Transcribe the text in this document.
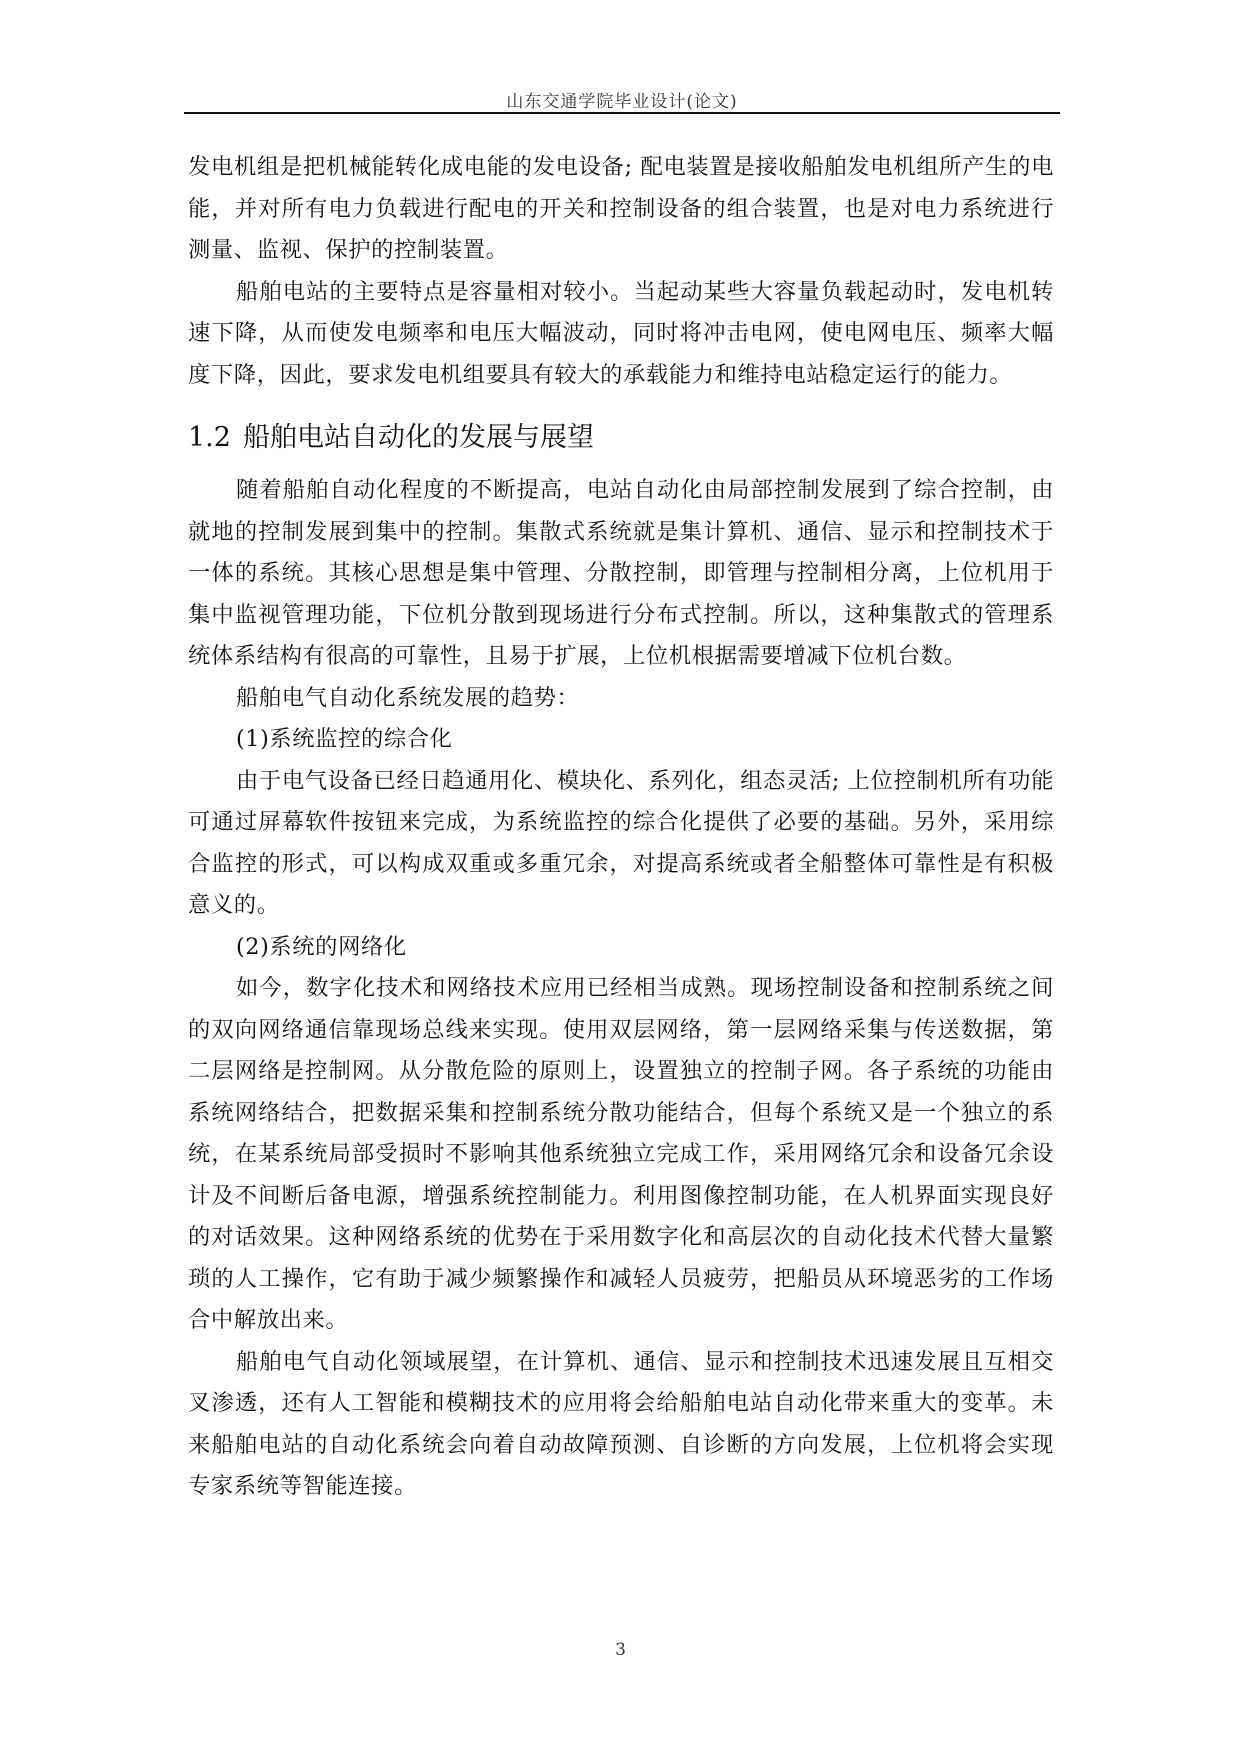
山东交通学院毕业设计(论文)

发电机组是把机械能转化成电能的发电设备; 配电装置是接收船舶发电机组所产生的电能，并对所有电力负载进行配电的开关和控制设备的组合装置，也是对电力系统进行测量、监视、保护的控制装置。

船舶电站的主要特点是容量相对较小。当起动某些大容量负载起动时，发电机转速下降，从而使发电频率和电压大幅波动，同时将冲击电网，使电网电压、频率大幅度下降，因此，要求发电机组要具有较大的承载能力和维持电站稳定运行的能力。

1.2 船舶电站自动化的发展与展望

随着船舶自动化程度的不断提高，电站自动化由局部控制发展到了综合控制，由就地的控制发展到集中的控制。集散式系统就是集计算机、通信、显示和控制技术于一体的系统。其核心思想是集中管理、分散控制，即管理与控制相分离，上位机用于集中监视管理功能，下位机分散到现场进行分布式控制。所以，这种集散式的管理系统体系结构有很高的可靠性，且易于扩展，上位机根据需要增减下位机台数。

船舶电气自动化系统发展的趋势：

(1)系统监控的综合化

由于电气设备已经日趋通用化、模块化、系列化，组态灵活; 上位控制机所有功能可通过屏幕软件按钮来完成，为系统监控的综合化提供了必要的基础。另外，采用综合监控的形式，可以构成双重或多重冗余，对提高系统或者全船整体可靠性是有积极意义的。

(2)系统的网络化

如今，数字化技术和网络技术应用已经相当成熟。现场控制设备和控制系统之间的双向网络通信靠现场总线来实现。使用双层网络，第一层网络采集与传送数据，第二层网络是控制网。从分散危险的原则上，设置独立的控制子网。各子系统的功能由系统网络结合，把数据采集和控制系统分散功能结合，但每个系统又是一个独立的系统，在某系统局部受损时不影响其他系统独立完成工作，采用网络冗余和设备冗余设计及不间断后备电源，增强系统控制能力。利用图像控制功能，在人机界面实现良好的对话效果。这种网络系统的优势在于采用数字化和高层次的自动化技术代替大量繁琐的人工操作，它有助于减少频繁操作和减轻人员疲劳，把船员从环境恶劣的工作场合中解放出来。

船舶电气自动化领域展望，在计算机、通信、显示和控制技术迅速发展且互相交叉渗透，还有人工智能和模糊技术的应用将会给船舶电站自动化带来重大的变革。未来船舶电站的自动化系统会向着自动故障预测、自诊断的方向发展，上位机将会实现专家系统等智能连接。

3
